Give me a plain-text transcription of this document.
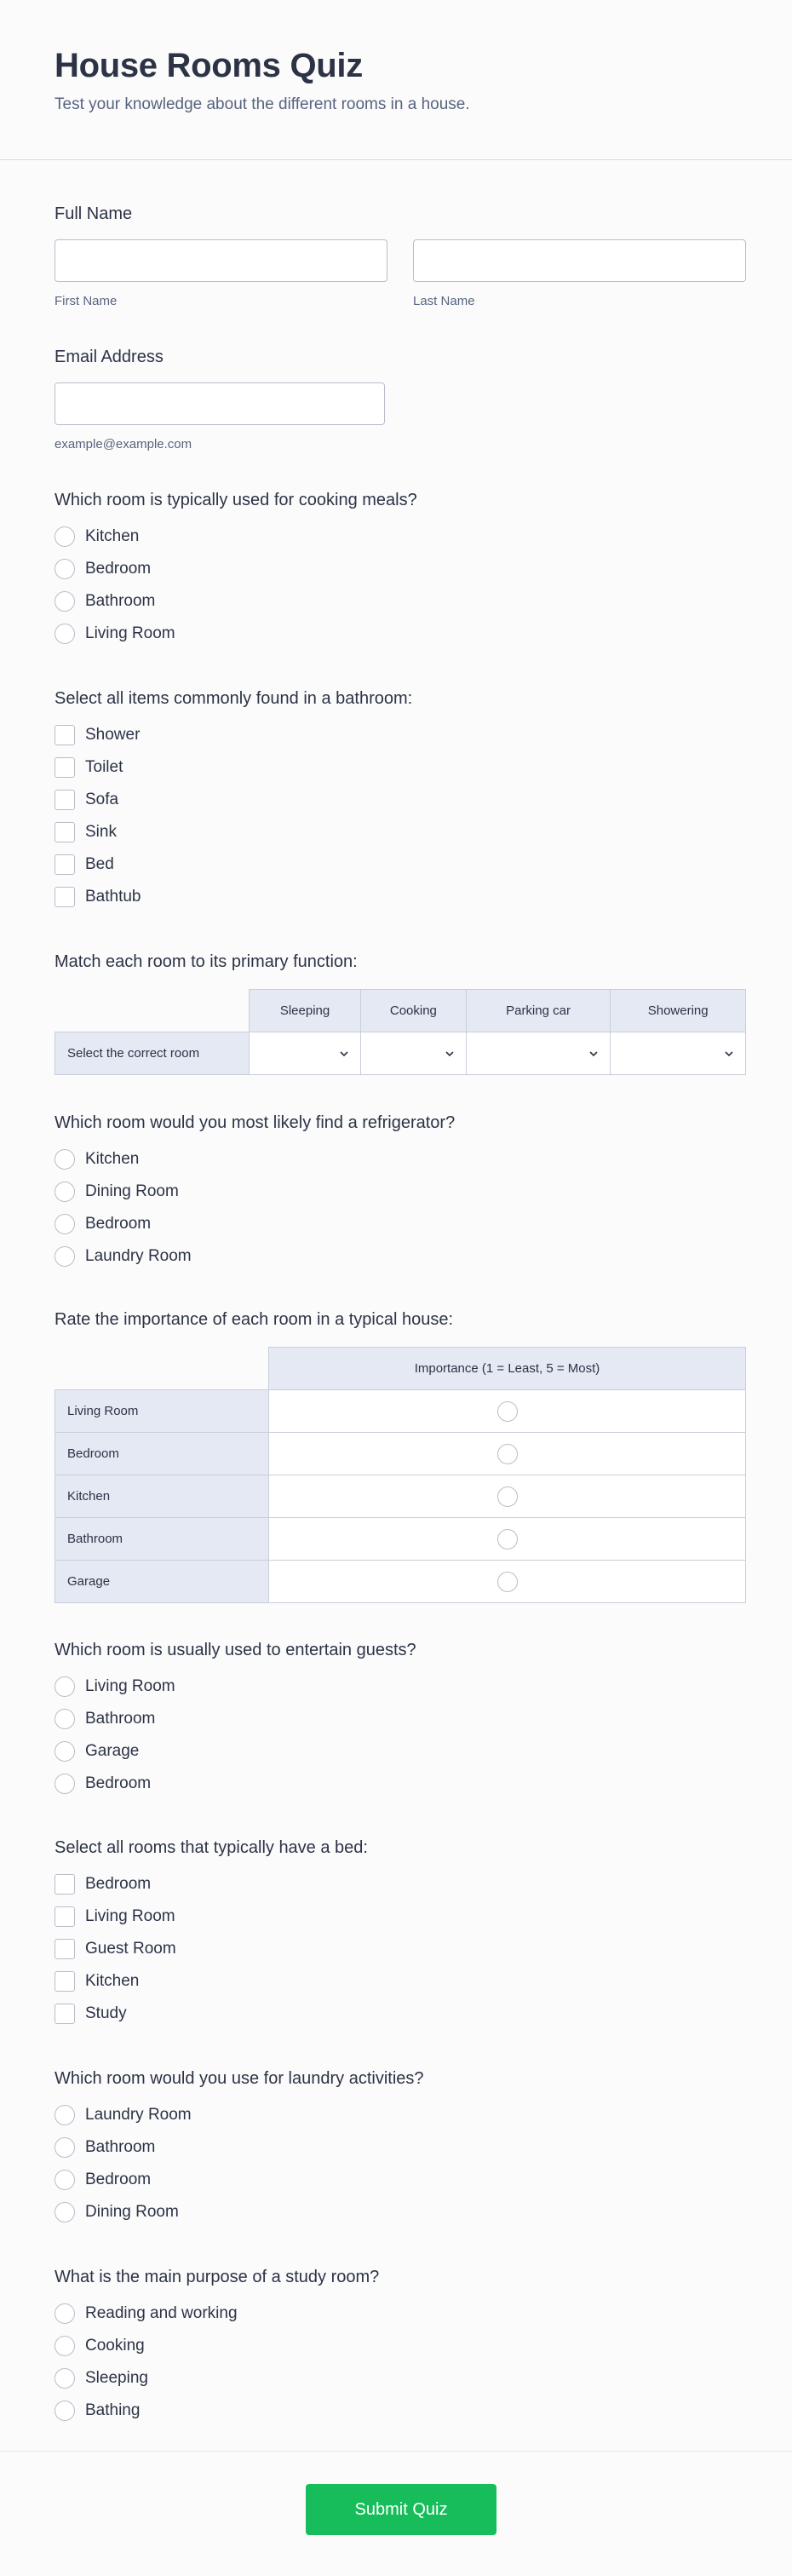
House Rooms Quiz

Test your knowledge about the different rooms in a house.

Full Name
First Name	Last Name
Email Address
example@example.com
Which room is typically used for cooking meals?
Kitchen
Bedroom
Bathroom
Living Room
Select all items commonly found in a bathroom:
Shower
Toilet
Sofa
Sink
Bed
Bathtub
Match each room to its primary function:
	Sleeping	Cooking	Parking car	Showering
Select the correct room	

Which room would you most likely find a refrigerator?
Kitchen
Dining Room
Bedroom
Laundry Room
Rate the importance of each room in a typical house:
	Importance (1 = Least, 5 = Most)
Living Room	

Bedroom	

Kitchen	

Bathroom	

Garage	
Which room is usually used to entertain guests?
Living Room
Bathroom
Garage
Bedroom
Select all rooms that typically have a bed:
Bedroom
Living Room
Guest Room
Kitchen
Study
Which room would you use for laundry activities?
Laundry Room
Bathroom
Bedroom
Dining Room
What is the main purpose of a study room?
Reading and working
Cooking
Sleeping
Bathing
Submit Quiz
